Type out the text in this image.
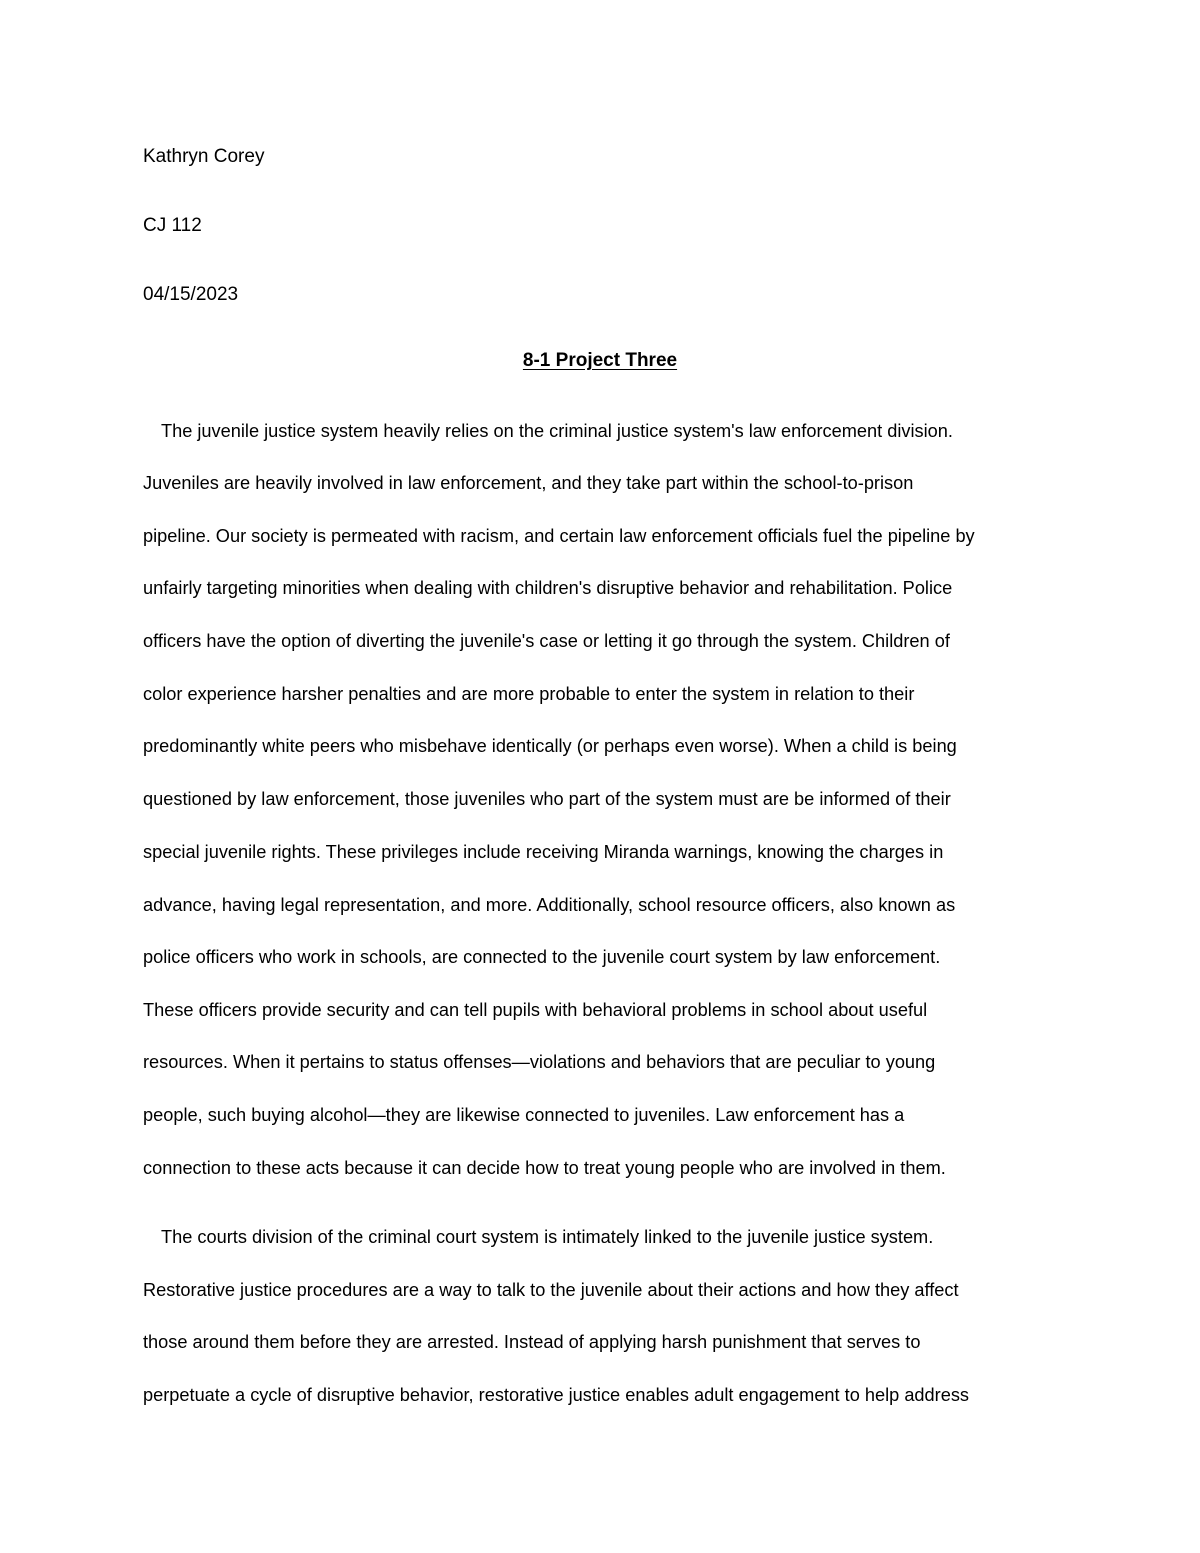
Kathryn Corey
CJ 112
04/15/2023
8-1 Project Three
The juvenile justice system heavily relies on the criminal justice system's law enforcement division.
Juveniles are heavily involved in law enforcement, and they take part within the school-to-prison
pipeline. Our society is permeated with racism, and certain law enforcement officials fuel the pipeline by
unfairly targeting minorities when dealing with children's disruptive behavior and rehabilitation. Police
officers have the option of diverting the juvenile's case or letting it go through the system. Children of
color experience harsher penalties and are more probable to enter the system in relation to their
predominantly white peers who misbehave identically (or perhaps even worse). When a child is being
questioned by law enforcement, those juveniles who part of the system must are be informed of their
special juvenile rights. These privileges include receiving Miranda warnings, knowing the charges in
advance, having legal representation, and more. Additionally, school resource officers, also known as
police officers who work in schools, are connected to the juvenile court system by law enforcement.
These officers provide security and can tell pupils with behavioral problems in school about useful
resources. When it pertains to status offenses—violations and behaviors that are peculiar to young
people, such buying alcohol—they are likewise connected to juveniles. Law enforcement has a
connection to these acts because it can decide how to treat young people who are involved in them.
The courts division of the criminal court system is intimately linked to the juvenile justice system.
Restorative justice procedures are a way to talk to the juvenile about their actions and how they affect
those around them before they are arrested. Instead of applying harsh punishment that serves to
perpetuate a cycle of disruptive behavior, restorative justice enables adult engagement to help address
